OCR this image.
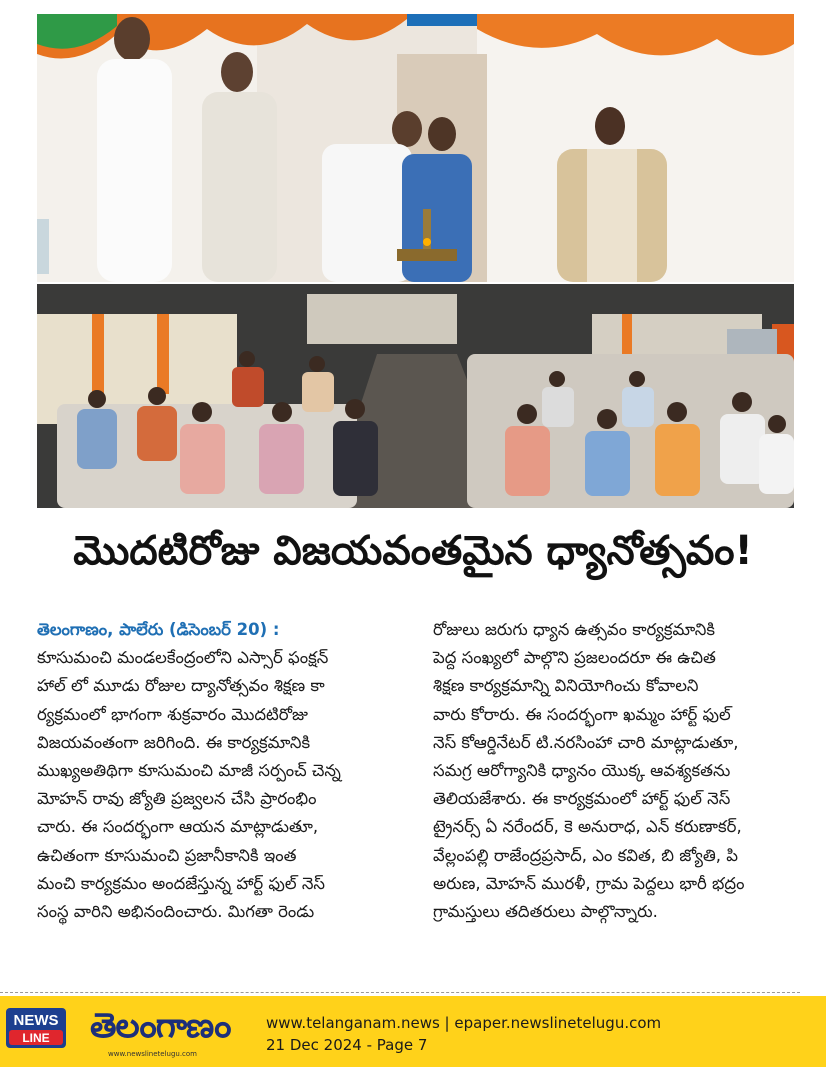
మొదటిరోజు విజయవంతమైన ధ్యానోత్సవం!
తెలంగాణం, పాలేరు (డిసెంబర్ 20) :
కూసుమంచి మండలకేంద్రంలోని ఎస్సార్ ఫంక్షన్
హాల్ లో మూడు రోజుల ద్యానోత్సవం శిక్షణ కా
ర్యక్రమంలో భాగంగా శుక్రవారం మొదటిరోజు
విజయవంతంగా జరిగింది. ఈ కార్యక్రమానికి
ముఖ్యఅతిథిగా కూసుమంచి మాజీ సర్పంచ్ చెన్న
మోహన్ రావు జ్యోతి ప్రజ్వలన చేసి ప్రారంభిం
చారు. ఈ సందర్భంగా ఆయన మాట్లాడుతూ,
ఉచితంగా కూసుమంచి ప్రజానీకానికి ఇంత
మంచి కార్యక్రమం అందజేస్తున్న హార్ట్ ఫుల్ నెస్
సంస్థ వారిని అభినందించారు. మిగతా రెండు
రోజులు జరుగు ధ్యాన ఉత్సవం కార్యక్రమానికి
పెద్ద సంఖ్యలో పాల్గొని ప్రజలందరూ ఈ ఉచిత
శిక్షణ కార్యక్రమాన్ని వినియోగించు కోవాలని
వారు కోరారు. ఈ సందర్భంగా ఖమ్మం హార్ట్ ఫుల్
నెస్ కోఆర్డినేటర్ టి.నరసింహా చారి మాట్లాడుతూ,
సమగ్ర ఆరోగ్యానికి ధ్యానం యొక్క ఆవశ్యకతను
తెలియజేశారు. ఈ కార్యక్రమంలో హార్ట్ ఫుల్ నెస్
ట్రైనర్స్ ఏ నరేందర్, కె అనురాధ, ఎన్ కరుణాకర్,
వేల్లంపల్లి రాజేంద్రప్రసాద్, ఎం కవిత, బి జ్యోతి, పి
అరుణ, మోహన్ మురళీ, గ్రామ పెద్దలు భారీ భద్రం
గ్రామస్తులు తదితరులు పాల్గొన్నారు.
NEWS
LINE తెలంగాణం
www.newslinetelugu.com
www.telanganam.news | epaper.newslinetelugu.com
21 Dec 2024 - Page 7
